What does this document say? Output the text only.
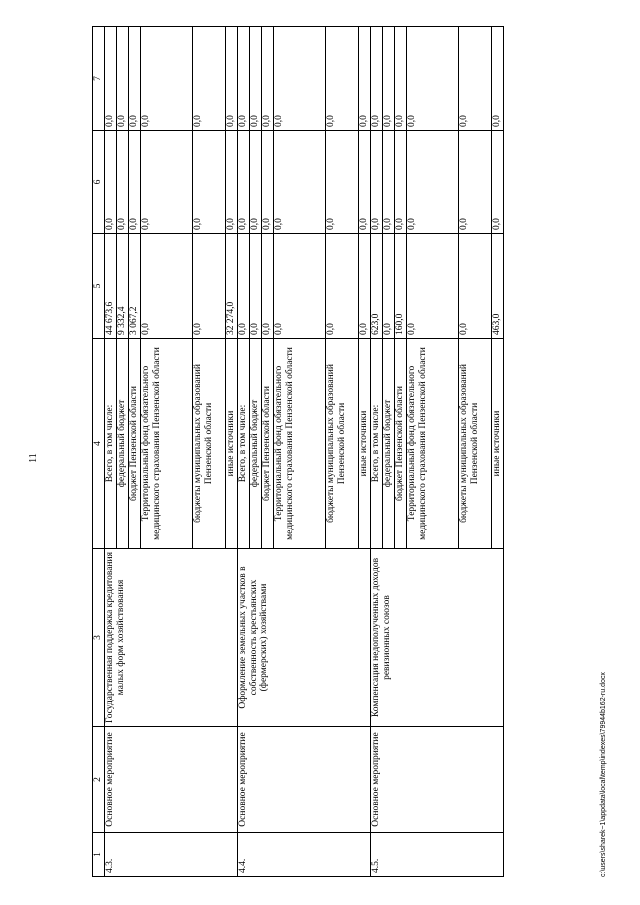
11
1	2	3	4	5	6	7
4.3.	Основное мероприятие	Государственная поддержка кредитования малых форм хозяйствования	Всего, в том числе:	44 673,6	0,0	0,0
			федеральный бюджет	9 332,4	0,0	0,0
			бюджет Пензенской области	3 067,2	0,0	0,0
			Территориальный фонд обязательного медицинского страхования Пензенской области	0,0	0,0	0,0
			бюджеты муниципальных образований Пензенской области	0,0	0,0	0,0
			иные источники	32 274,0	0,0	0,0
4.4.	Основное мероприятие	Оформление земельных участков в собственность крестьянских (фермерских) хозяйствами	Всего, в том числе:	0,0	0,0	0,0
			федеральный бюджет	0,0	0,0	0,0
			бюджет Пензенской области	0,0	0,0	0,0
			Территориальный фонд обязательного медицинского страхования Пензенской области	0,0	0,0	0,0
			бюджеты муниципальных образований Пензенской области	0,0	0,0	0,0
			иные источники	0,0	0,0	0,0
4.5.	Основное мероприятие	Компенсация недополученных доходов ревизионных союзов	Всего, в том числе:	623,0	0,0	0,0
			федеральный бюджет	0,0	0,0	0,0
			бюджет Пензенской области	160,0	0,0	0,0
			Территориальный фонд обязательного медицинского страхования Пензенской области	0,0	0,0	0,0
			бюджеты муниципальных образований Пензенской области	0,0	0,0	0,0
			иные источники	463,0	0,0	0,0
c:\users\sharek~1\appdata\local\temp\indexes\79944b162-ru.docx
